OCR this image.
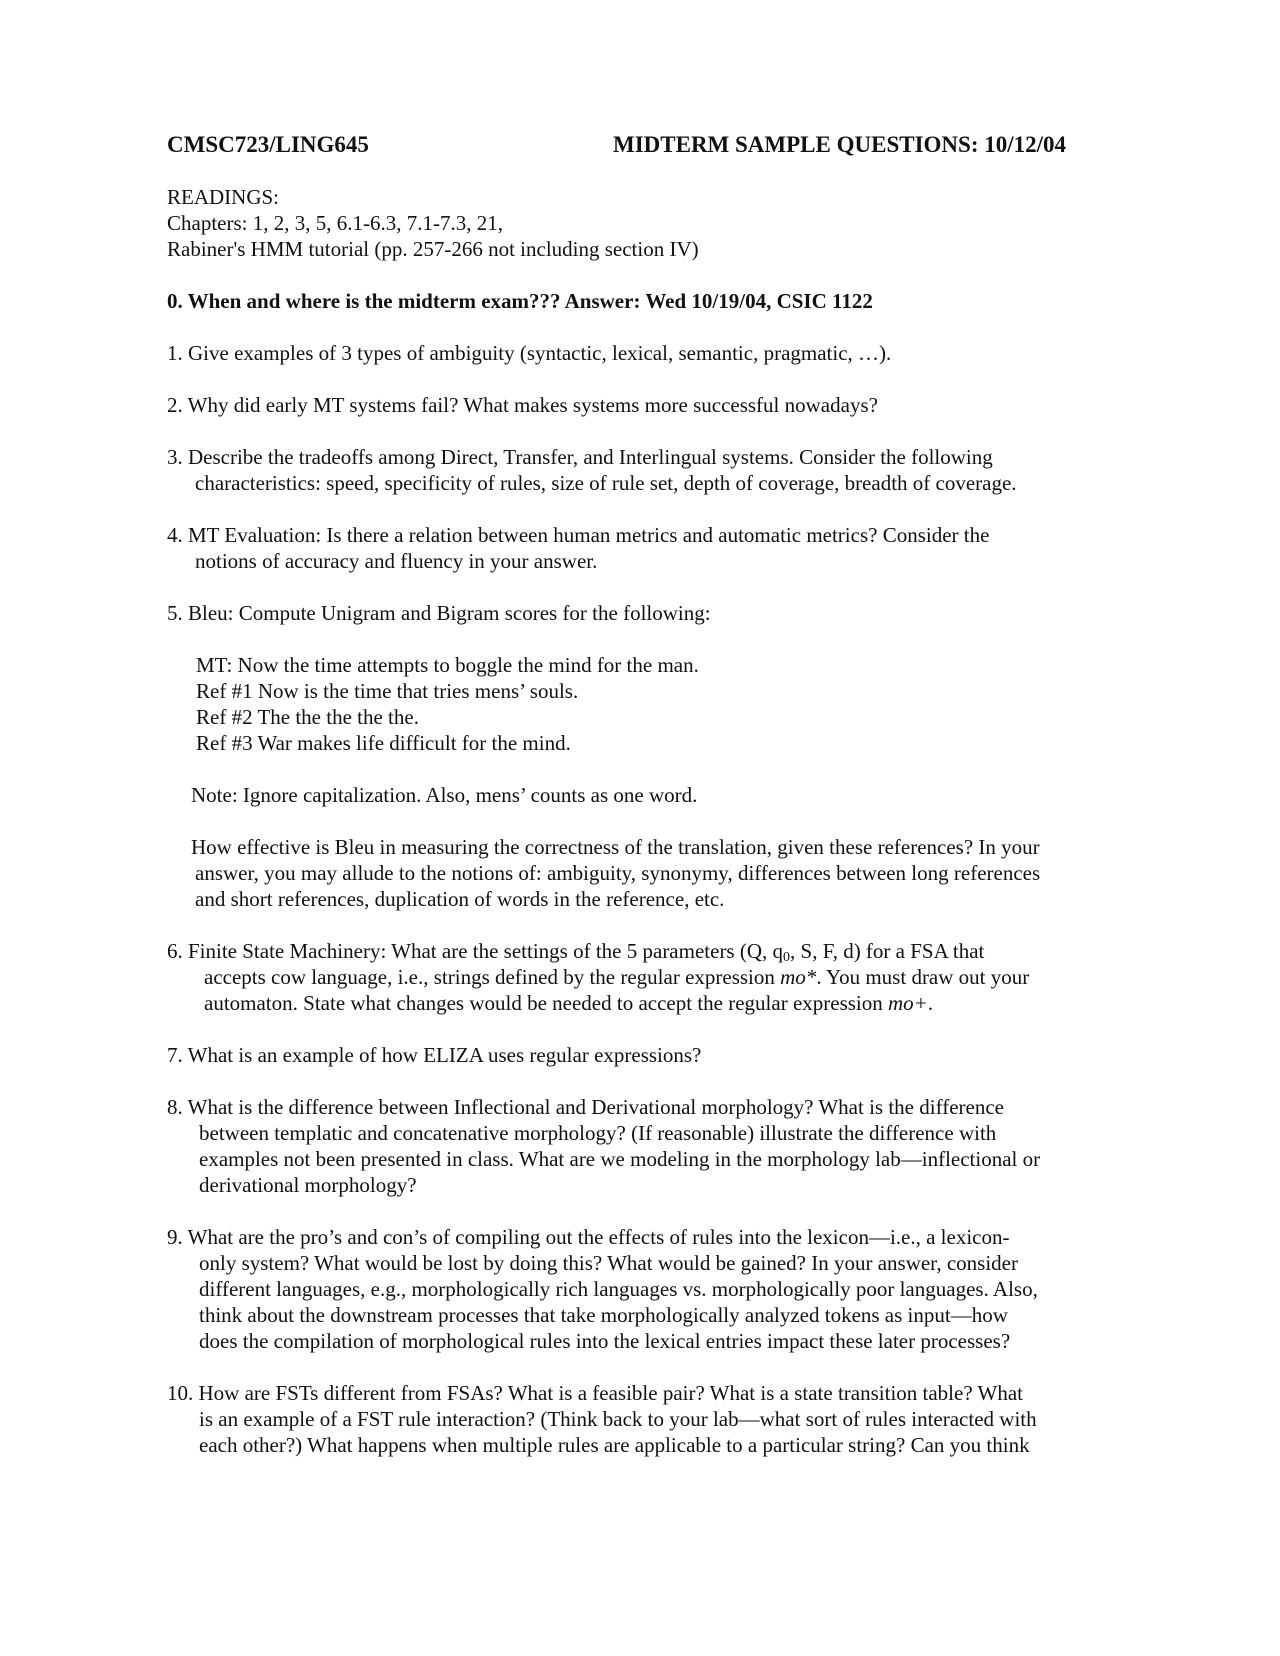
CMSC723/LING645	MIDTERM SAMPLE QUESTIONS: 10/12/04
READINGS:
Chapters: 1, 2, 3, 5, 6.1-6.3, 7.1-7.3, 21,
Rabiner's HMM tutorial (pp. 257-266 not including section IV)
0. When and where is the midterm exam??? Answer: Wed 10/19/04, CSIC 1122
1. Give examples of 3 types of ambiguity (syntactic, lexical, semantic, pragmatic, …).
2. Why did early MT systems fail? What makes systems more successful nowadays?
3. Describe the tradeoffs among Direct, Transfer, and Interlingual systems. Consider the following
characteristics: speed, specificity of rules, size of rule set, depth of coverage, breadth of coverage.
4. MT Evaluation: Is there a relation between human metrics and automatic metrics? Consider the
notions of accuracy and fluency in your answer.
5. Bleu: Compute Unigram and Bigram scores for the following:
MT: Now the time attempts to boggle the mind for the man.
Ref #1 Now is the time that tries mens’ souls.
Ref #2 The the the the the.
Ref #3 War makes life difficult for the mind.
Note: Ignore capitalization. Also, mens’ counts as one word.
How effective is Bleu in measuring the correctness of the translation, given these references? In your
answer, you may allude to the notions of: ambiguity, synonymy, differences between long references
and short references, duplication of words in the reference, etc.
6. Finite State Machinery: What are the settings of the 5 parameters (Q, $q_0$, S, F, d) for a FSA that
accepts cow language, i.e., strings defined by the regular expression mo*. You must draw out your
automaton. State what changes would be needed to accept the regular expression mo+.
7. What is an example of how ELIZA uses regular expressions?
8. What is the difference between Inflectional and Derivational morphology? What is the difference
between templatic and concatenative morphology? (If reasonable) illustrate the difference with
examples not been presented in class. What are we modeling in the morphology lab—inflectional or
derivational morphology?
9. What are the pro’s and con’s of compiling out the effects of rules into the lexicon—i.e., a lexicon-
only system? What would be lost by doing this? What would be gained? In your answer, consider
different languages, e.g., morphologically rich languages vs. morphologically poor languages. Also,
think about the downstream processes that take morphologically analyzed tokens as input—how
does the compilation of morphological rules into the lexical entries impact these later processes?
10. How are FSTs different from FSAs? What is a feasible pair? What is a state transition table? What
is an example of a FST rule interaction? (Think back to your lab—what sort of rules interacted with
each other?) What happens when multiple rules are applicable to a particular string? Can you think
